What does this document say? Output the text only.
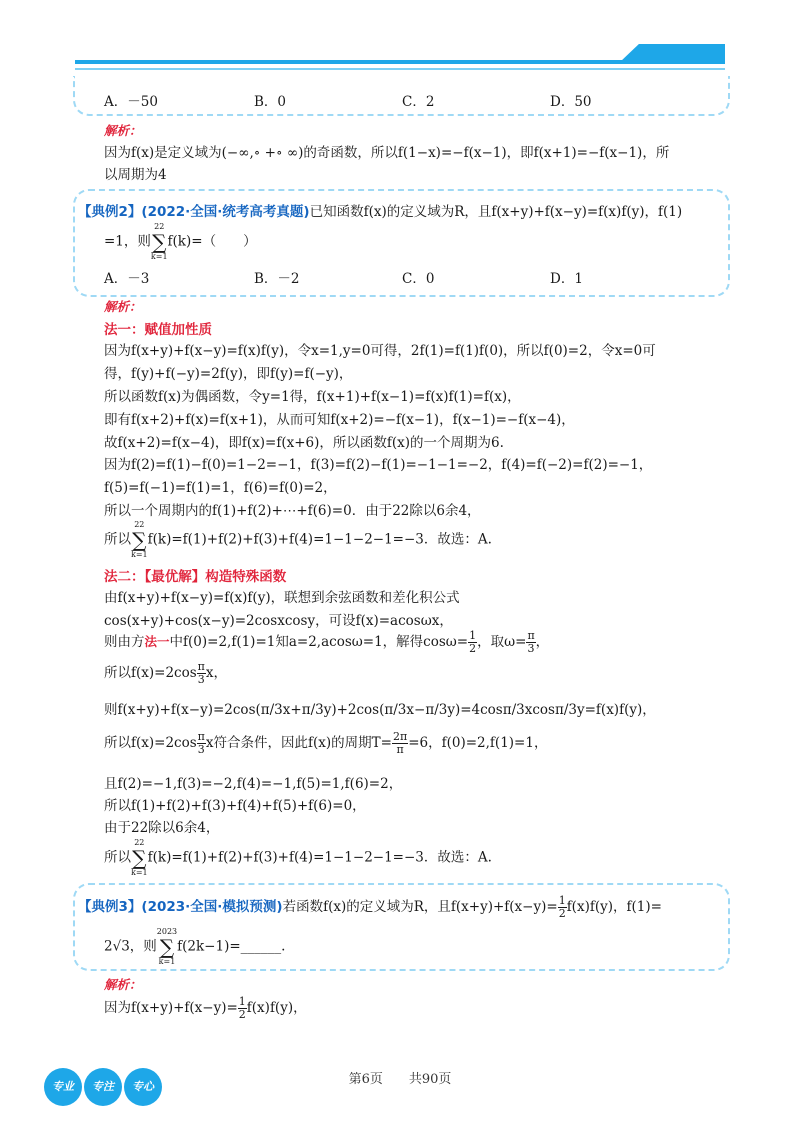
A．－50	B．0	C．2	D．50
解析：
因为f(x)是定义域为(−∞,∘ +∘ ∞)的奇函数，所以f(1−x)=−f(x−1)，即f(x+1)=−f(x−1)，所
以周期为4
【典例2】(2022·全国·统考高考真题)已知函数f(x)的定义域为R，且f(x+y)+f(x−y)=f(x)f(y)，f(1)
=1，则
22
∑
k=1
f(k)=（　　）
A．－3	B．－2	C．0	D．1
解析：
法一：赋值加性质
因为f(x+y)+f(x−y)=f(x)f(y)，令x=1,y=0可得，2f(1)=f(1)f(0)，所以f(0)=2，令x=0可
得，f(y)+f(−y)=2f(y)，即f(y)=f(−y)，
所以函数f(x)为偶函数，令y=1得，f(x+1)+f(x−1)=f(x)f(1)=f(x)，
即有f(x+2)+f(x)=f(x+1)，从而可知f(x+2)=−f(x−1)，f(x−1)=−f(x−4)，
故f(x+2)=f(x−4)，即f(x)=f(x+6)，所以函数f(x)的一个周期为6.
因为f(2)=f(1)−f(0)=1−2=−1，f(3)=f(2)−f(1)=−1−1=−2，f(4)=f(−2)=f(2)=−1，
f(5)=f(−1)=f(1)=1，f(6)=f(0)=2，
所以一个周期内的f(1)+f(2)+⋯+f(6)=0．由于22除以6余4，
所以
22
∑
k=1
f(k)=f(1)+f(2)+f(3)+f(4)=1−1−2−1=−3．故选：A.
法二：【最优解】构造特殊函数
由f(x+y)+f(x−y)=f(x)f(y)，联想到余弦函数和差化积公式
cos(x+y)+cos(x−y)=2cosxcosy，可设f(x)=acosωx，
则由方法一中f(0)=2,f(1)=1知a=2,acosω=1，解得$\cos\omega= \frac{1}{2}$ ，取$\omega= \frac{\pi}{3}$ ，
所以$f(x)=2\cos \frac{\pi}{3}$ x，
则f(x+y)+f(x−y)=2cos(π/3x+π/3y)+2cos(π/3x−π/3y)=4cosπ/3xcosπ/3y=f(x)f(y)，
所以$f(x)=2\cos \frac{\pi}{3}$ x符合条件，因此f(x)的周期$T= \frac{2\pi}{\pi} =6$，f(0)=2,f(1)=1，
且f(2)=−1,f(3)=−2,f(4)=−1,f(5)=1,f(6)=2，
所以f(1)+f(2)+f(3)+f(4)+f(5)+f(6)=0，
由于22除以6余4，
所以
22
∑
k=1
f(k)=f(1)+f(2)+f(3)+f(4)=1−1−2−1=−3．故选：A.
【典例3】(2023·全国·模拟预测)若函数f(x)的定义域为R，且$f(x+y)+f(x-y)= \frac{1}{2} f(x)f(y)$，f(1)=
2√3，则
2023
∑
k=1
f(2k−1)=______.
解析：
因为$f(x+y)+f(x-y)= \frac{1}{2} f(x)f(y)$，
专业	专注	专心	第6页　　共90页
